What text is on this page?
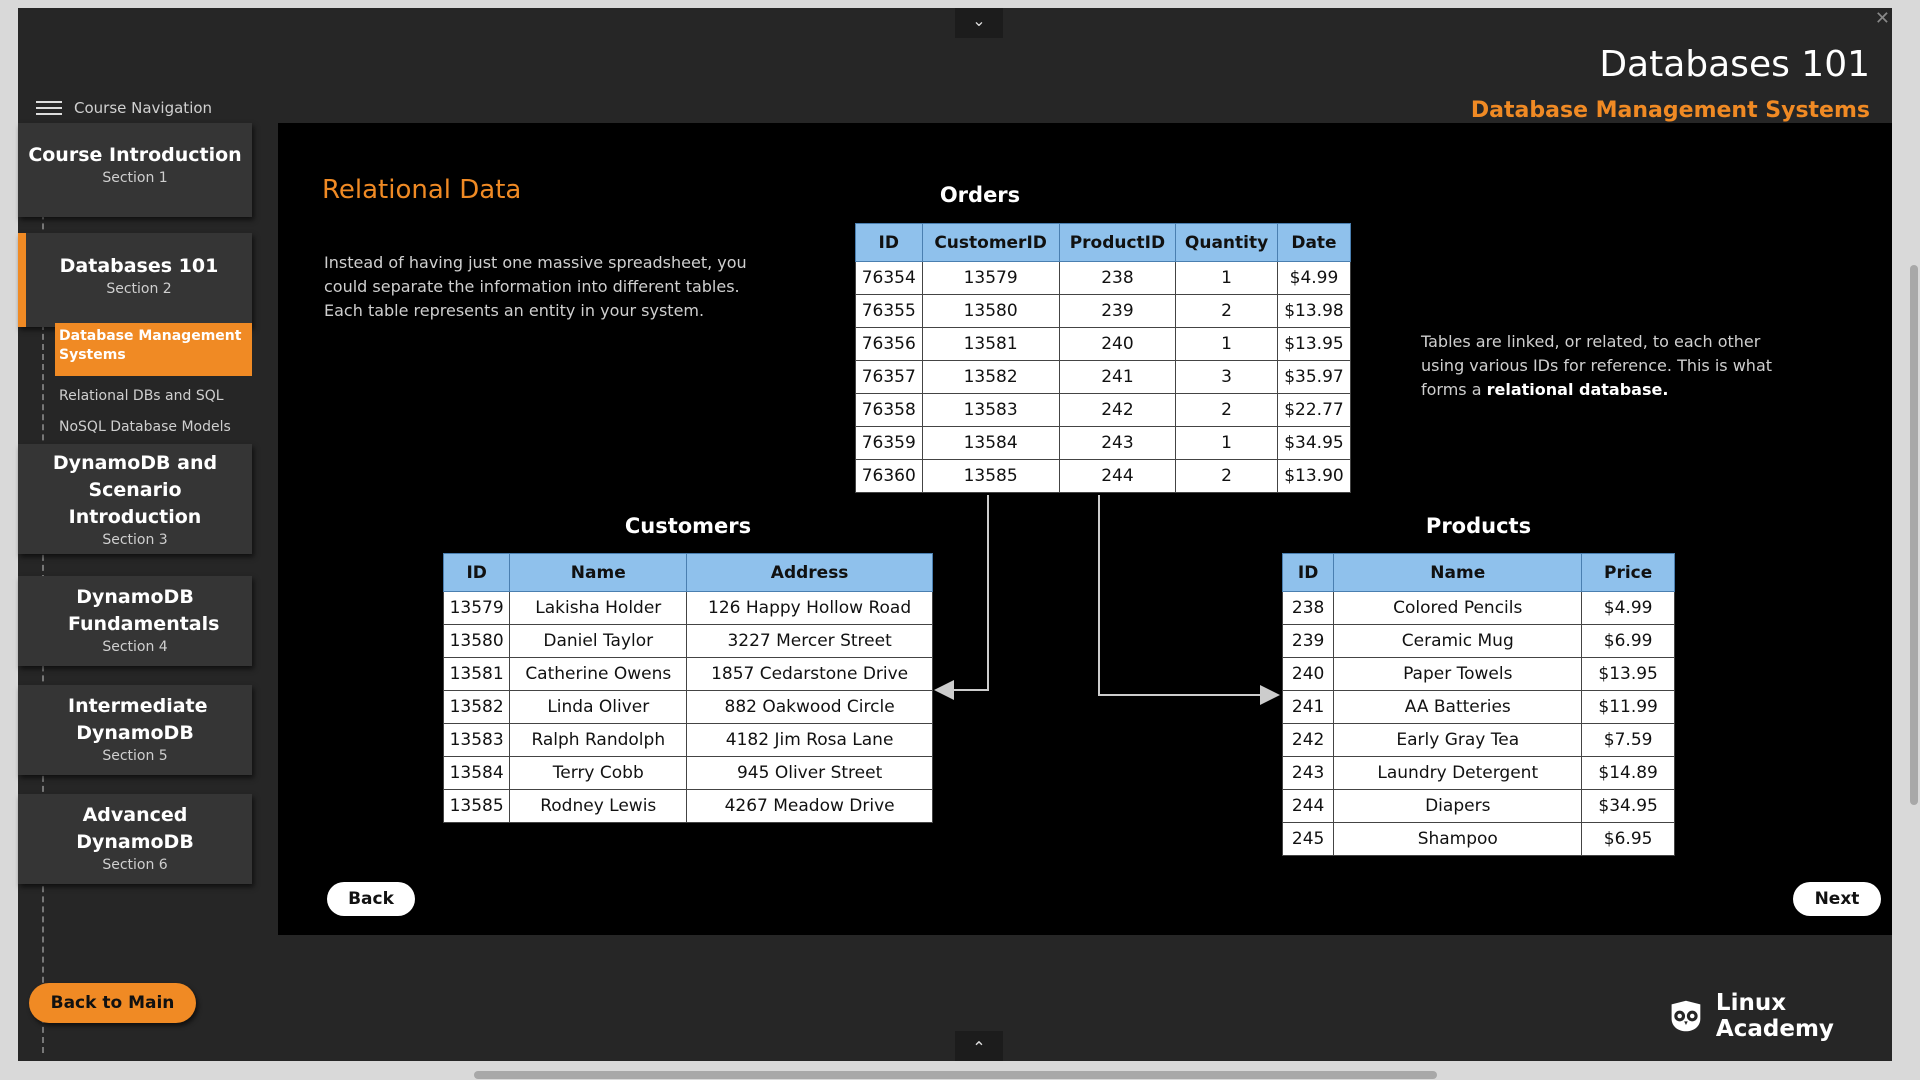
⌄	✕
Databases 101
Database Management Systems
Course Navigation
Course Introduction
Section 1
Databases 101
Section 2
Database Management Systems
Relational DBs and SQL
NoSQL Database Models
DynamoDB and Scenario Introduction
Section 3
DynamoDB Fundamentals
Section 4
Intermediate DynamoDB
Section 5
Advanced DynamoDB
Section 6
Back to Main
Relational Data
Instead of having just one massive spreadsheet, you could separate the information into different tables. Each table represents an entity in your system.
Tables are linked, or related, to each other using various IDs for reference. This is what forms a relational database.
Orders
ID	CustomerID	ProductID	Quantity	Date
76354	13579	238	1	$4.99
76355	13580	239	2	$13.98
76356	13581	240	1	$13.95
76357	13582	241	3	$35.97
76358	13583	242	2	$22.77
76359	13584	243	1	$34.95
76360	13585	244	2	$13.90
Customers
ID	Name	Address
13579	Lakisha Holder	126 Happy Hollow Road
13580	Daniel Taylor	3227 Mercer Street
13581	Catherine Owens	1857 Cedarstone Drive
13582	Linda Oliver	882 Oakwood Circle
13583	Ralph Randolph	4182 Jim Rosa Lane
13584	Terry Cobb	945 Oliver Street
13585	Rodney Lewis	4267 Meadow Drive
Products
ID	Name	Price
238	Colored Pencils	$4.99
239	Ceramic Mug	$6.99
240	Paper Towels	$13.95
241	AA Batteries	$11.99
242	Early Gray Tea	$7.59
243	Laundry Detergent	$14.89
244	Diapers	$34.95
245	Shampoo	$6.95
Back	Next
Linux Academy
⌃
